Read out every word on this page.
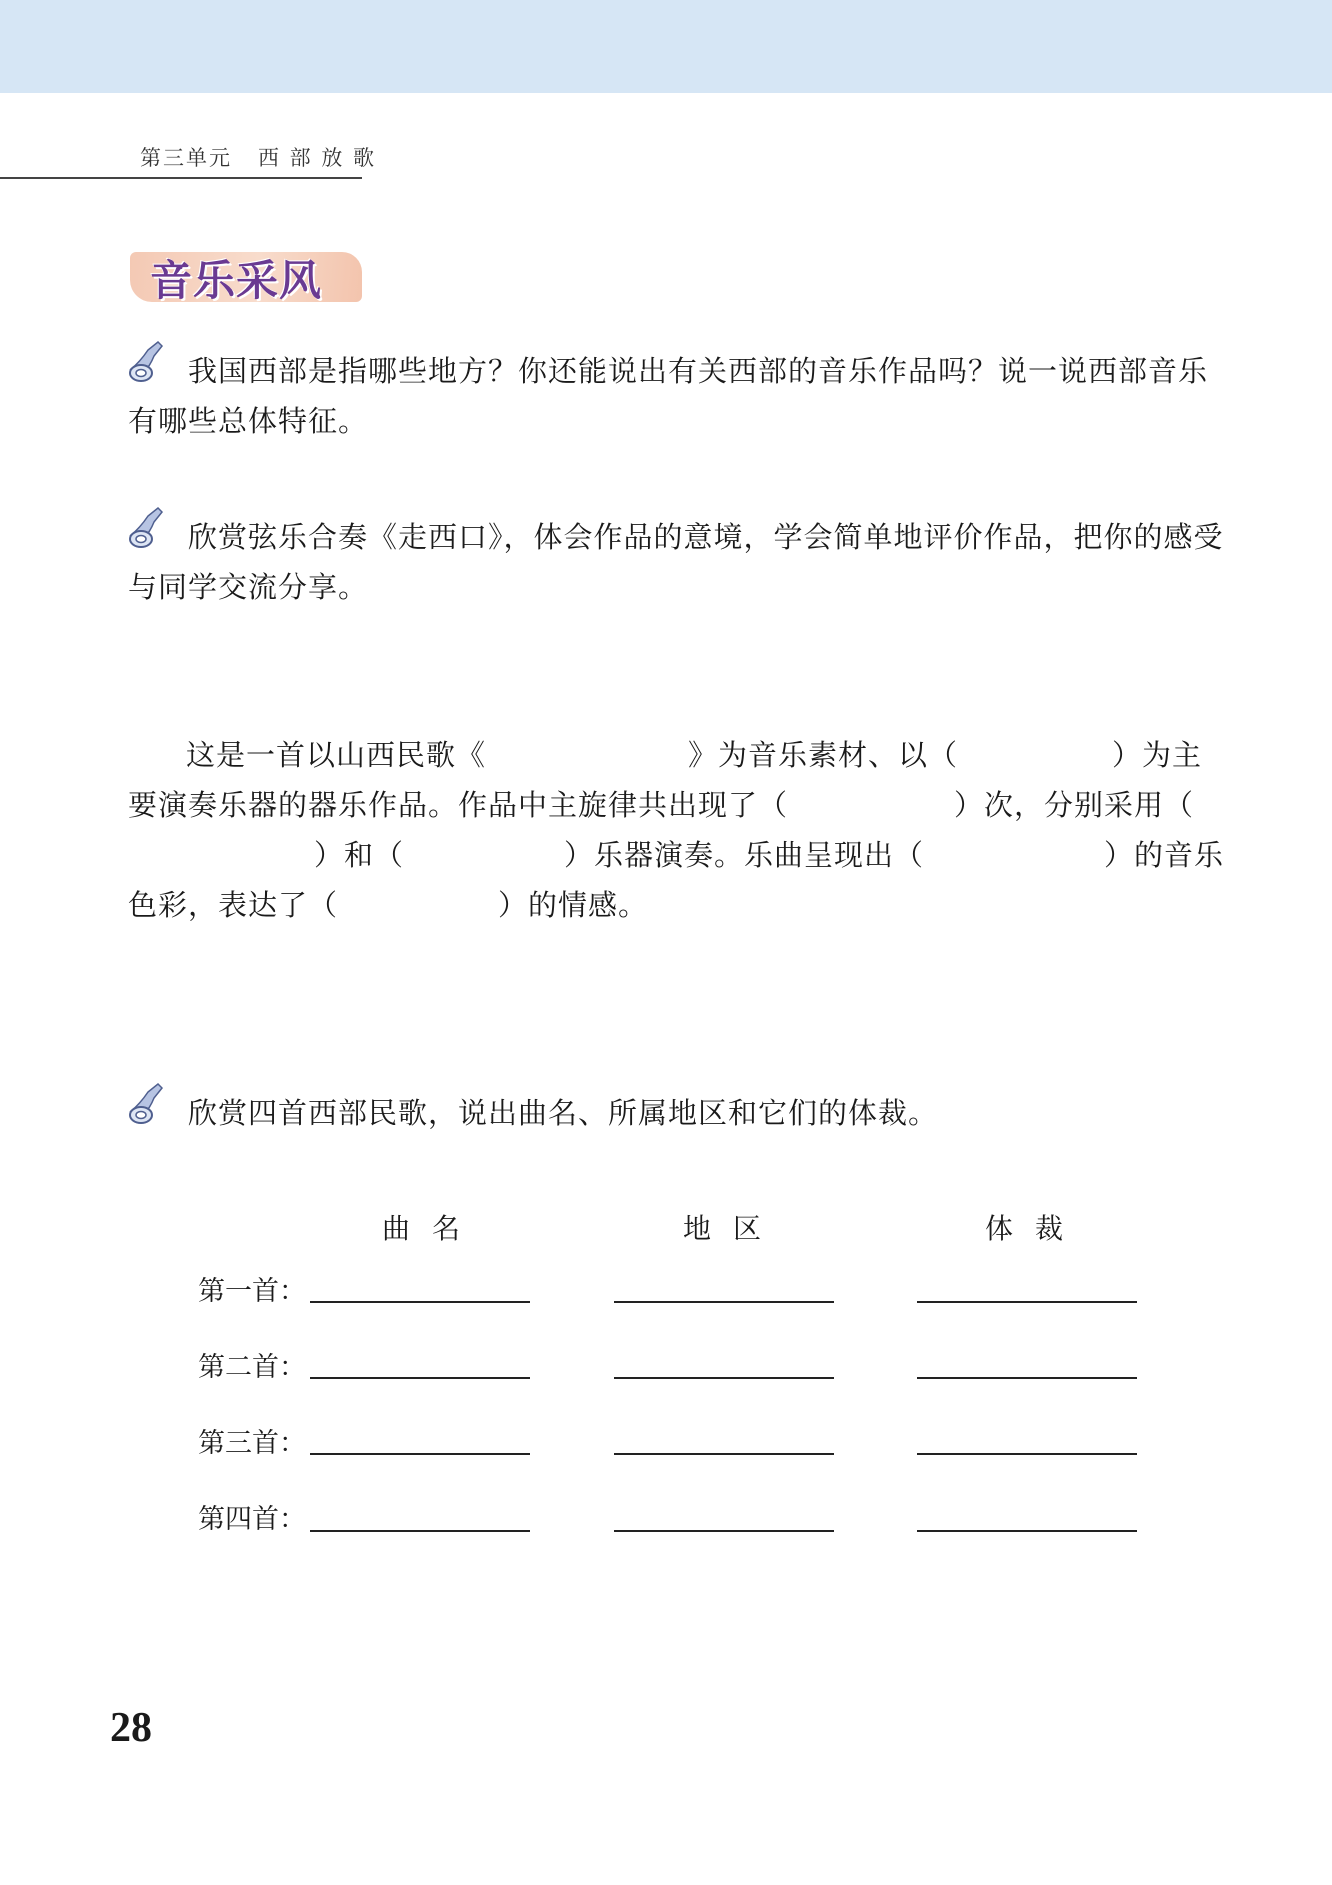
第三单元 西 部 放 歌
音乐采风
我国西部是指哪些地方？你还能说出有关西部的音乐作品吗？说一说西部音乐有哪些总体特征。
欣赏弦乐合奏《走西口》，体会作品的意境，学会简单地评价作品，把你的感受与同学交流分享。
这是一首以山西民歌《	》为音乐素材、以（	）为主要演奏乐器的器乐作品。作品中主旋律共出现了（	）次，分别采用（）和（	）乐器演奏。乐曲呈现出（	）的音乐色彩，表达了（	）的情感。
欣赏四首西部民歌，说出曲名、所属地区和它们的体裁。
曲名	地区	体裁
第一首：
第二首：
第三首：
第四首：
28
